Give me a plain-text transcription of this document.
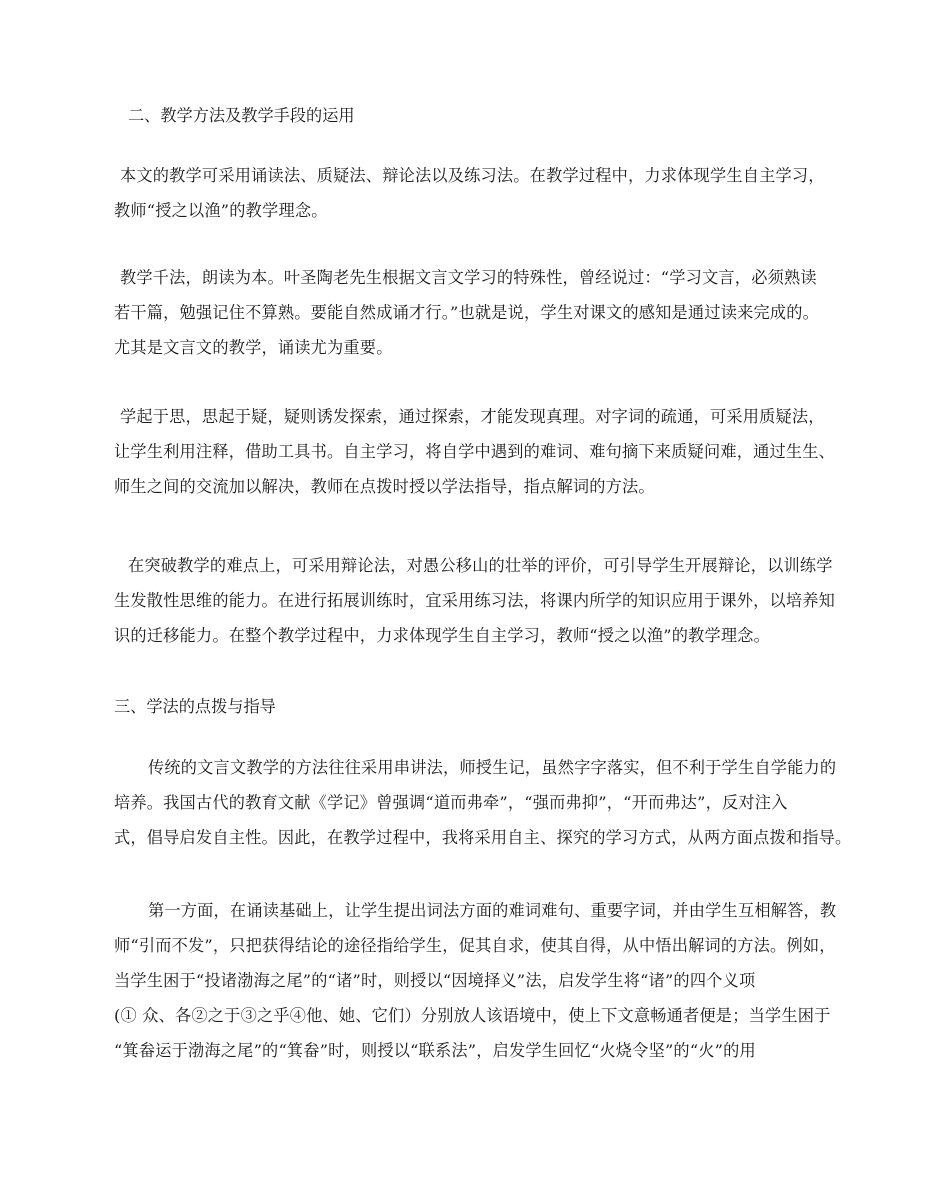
二、教学方法及教学手段的运用

本文的教学可采用诵读法、质疑法、辩论法以及练习法。在教学过程中，力求体现学生自主学习，
教师“授之以渔”的教学理念。

教学千法，朗读为本。叶圣陶老先生根据文言文学习的特殊性，曾经说过：“学习文言，必须熟读
若干篇，勉强记住不算熟。要能自然成诵才行。”也就是说，学生对课文的感知是通过读来完成的。
尤其是文言文的教学，诵读尤为重要。

学起于思，思起于疑，疑则诱发探索，通过探索，才能发现真理。对字词的疏通，可采用质疑法，
让学生利用注释，借助工具书。自主学习，将自学中遇到的难词、难句摘下来质疑问难，通过生生、
师生之间的交流加以解决，教师在点拨时授以学法指导，指点解词的方法。

在突破教学的难点上，可采用辩论法，对愚公移山的壮举的评价，可引导学生开展辩论，以训练学
生发散性思维的能力。在进行拓展训练时，宜采用练习法，将课内所学的知识应用于课外，以培养知
识的迁移能力。在整个教学过程中，力求体现学生自主学习，教师“授之以渔”的教学理念。

三、学法的点拨与指导

传统的文言文教学的方法往往采用串讲法，师授生记，虽然字字落实，但不利于学生自学能力的
培养。我国古代的教育文献《学记》曾强调“道而弗牵”，“强而弗抑”，“开而弗达”，反对注入
式，倡导启发自主性。因此，在教学过程中，我将采用自主、探究的学习方式，从两方面点拨和指导。

第一方面，在诵读基础上，让学生提出词法方面的难词难句、重要字词，并由学生互相解答，教
师“引而不发”，只把获得结论的途径指给学生，促其自求，使其自得，从中悟出解词的方法。例如，
当学生困于“投诸渤海之尾”的“诸”时，则授以“因境择义”法，启发学生将“诸”的四个义项
(① 众、各②之于③之乎④他、她、它们）分别放人该语境中，使上下文意畅通者便是；当学生困于
“箕畚运于渤海之尾”的“箕畚”时，则授以“联系法”，启发学生回忆“火烧令坚”的“火”的用
